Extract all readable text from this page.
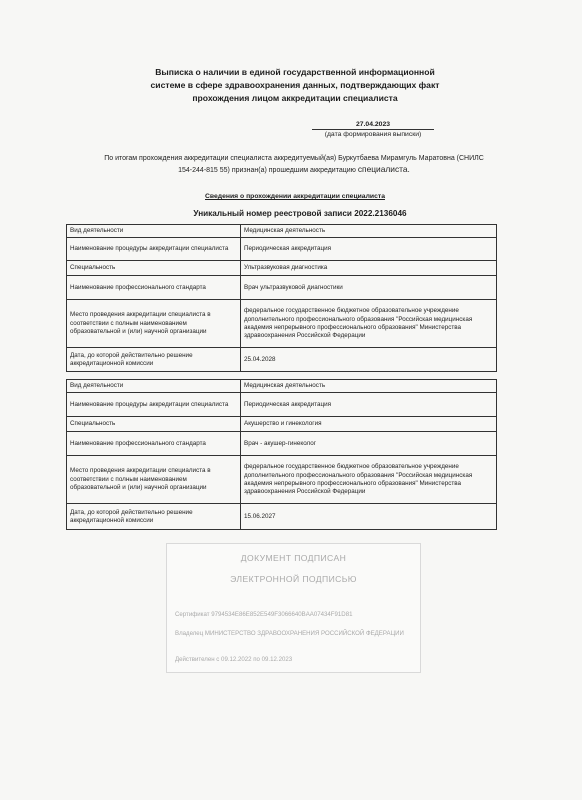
Выписка о наличии в единой государственной информационной
системе в сфере здравоохранения данных, подтверждающих факт
прохождения лицом аккредитации специалиста
27.04.2023
(дата формирования выписки)
По итогам прохождения аккредитации специалиста аккредитуемый(ая) Буркутбаева Мирамгуль Маратовна (СНИЛС
154-244-815 55) признан(а) прошедшим аккредитацию специалиста.
Сведения о прохождении аккредитации специалиста
Уникальный номер реестровой записи 2022.2136046
Вид деятельности	Медицинская деятельность
Наименование процедуры аккредитации специалиста	Периодическая аккредитация
Специальность	Ультразвуковая диагностика
Наименование профессионального стандарта	Врач ультразвуковой диагностики
Место проведения аккредитации специалиста в соответствии с полным наименованием образовательной и (или) научной организации	федеральное государственное бюджетное образовательное учреждение дополнительного профессионального образования "Российская медицинская академия непрерывного профессионального образования" Министерства здравоохранения Российской Федерации
Дата, до которой действительно решение аккредитационной комиссии	25.04.2028
Вид деятельности	Медицинская деятельность
Наименование процедуры аккредитации специалиста	Периодическая аккредитация
Специальность	Акушерство и гинекология
Наименование профессионального стандарта	Врач - акушер-гинеколог
Место проведения аккредитации специалиста в соответствии с полным наименованием образовательной и (или) научной организации	федеральное государственное бюджетное образовательное учреждение дополнительного профессионального образования "Российская медицинская академия непрерывного профессионального образования" Министерства здравоохранения Российской Федерации
Дата, до которой действительно решение аккредитационной комиссии	15.06.2027
ДОКУМЕНТ ПОДПИСАН
ЭЛЕКТРОННОЙ ПОДПИСЬЮ
Сертификат 9794534E86E852E549F3066640BAA07434F91D81
Владелец МИНИСТЕРСТВО ЗДРАВООХРАНЕНИЯ РОССИЙСКОЙ ФЕДЕРАЦИИ
Действителен с 09.12.2022 по 09.12.2023
